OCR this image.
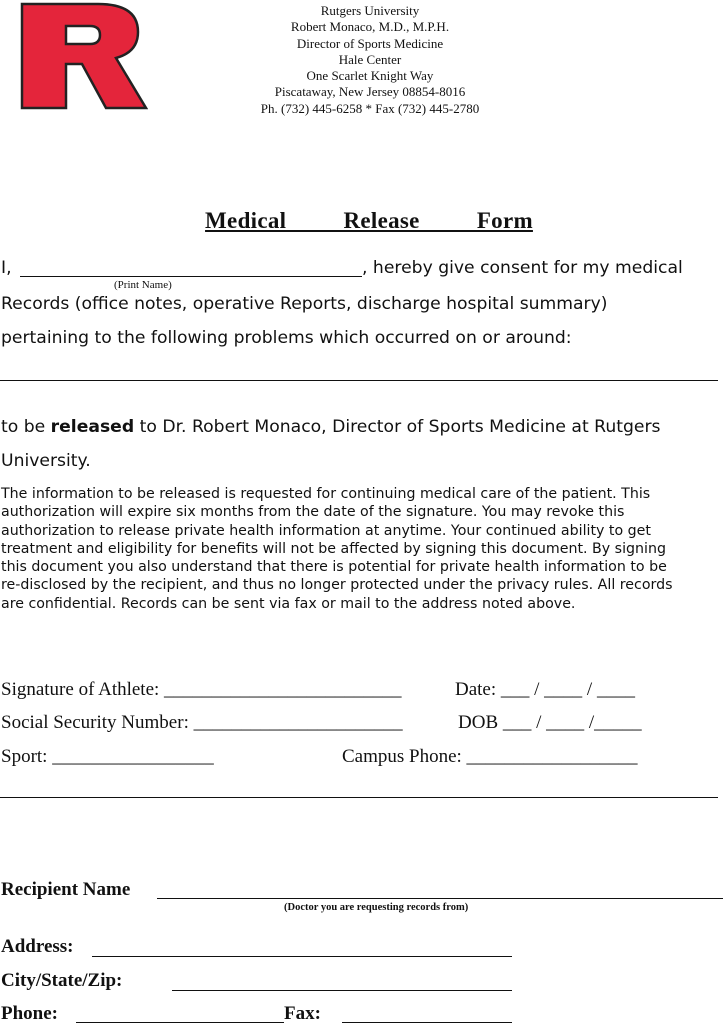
Rutgers University
Robert Monaco, M.D., M.P.H.
Director of Sports Medicine
Hale Center
One Scarlet Knight Way
Piscataway, New Jersey 08854-8016
Ph. (732) 445-6258 * Fax (732) 445-2780
Medical   Release   Form
I,	, hereby give consent for my medical
(Print Name)
Records (office notes, operative Reports, discharge hospital summary)
pertaining to the following problems which occurred on or around:
to be released to Dr. Robert Monaco, Director of Sports Medicine at Rutgers
University.
The information to be released is requested for continuing medical care of the patient. This
authorization will expire six months from the date of the signature. You may revoke this
authorization to release private health information at anytime. Your continued ability to get
treatment and eligibility for benefits will not be affected by signing this document. By signing
this document you also understand that there is potential for private health information to be
re-disclosed by the recipient, and thus no longer protected under the privacy rules. All records
are confidential. Records can be sent via fax or mail to the address noted above.
Signature of Athlete: _________________________	Date: ___ / ____ / ____
Social Security Number: ______________________	DOB ___ / ____ /_____
Sport: _________________	Campus Phone: __________________
Recipient Name
(Doctor you are requesting records from)
Address:
City/State/Zip:
Phone:	Fax:
